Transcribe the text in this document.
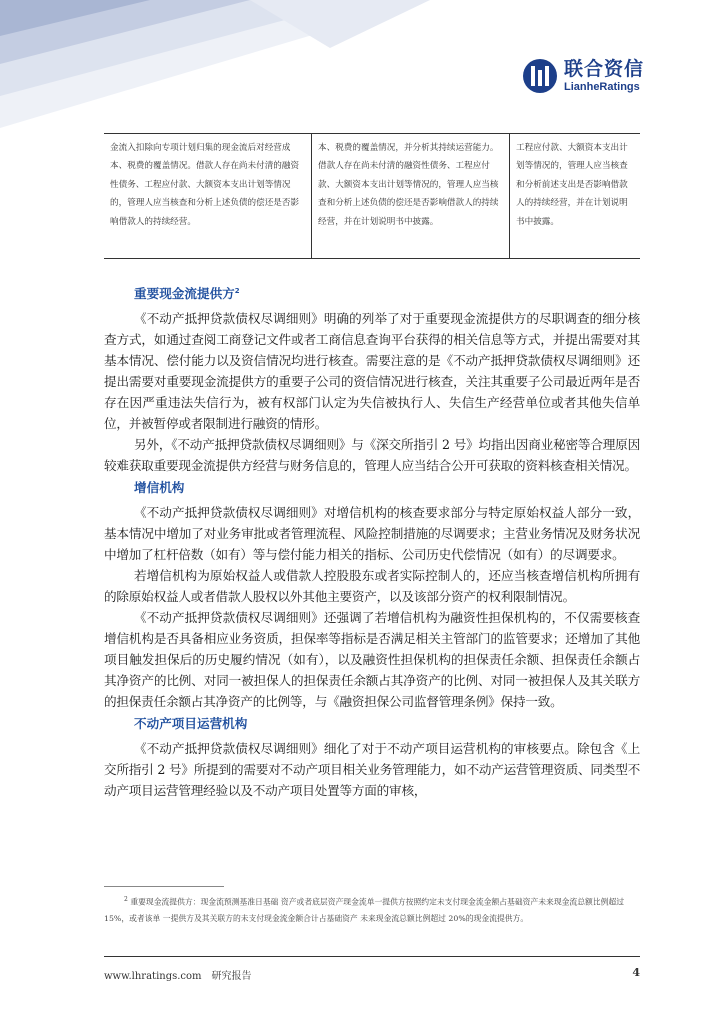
联合资信
LianheRatings

金流入扣除向专项计划归集的现金流后对经营成本、税费的覆盖情况。借款人存在尚未付清的融资性债务、工程应付款、大额资本支出计划等情况 的，管理人应当核查和分析上述负债的偿还是否影响借款人的持续经营。

本、税费的覆盖情况，并分析其持续运营能力。借款人存在尚未付清的融资性债务、工程应付款、大额资本支出计划等情况的，管理人应当核查和分析上述负债的偿还是否影响借款人的持续经营，并在计划说明书中披露。

工程应付款、大额资本支出计划等情况的，管理人应当核查和分析前述支出是否影响借款人的持续经营，并在计划说明书中披露。

重要现金流提供方$^2$

《不动产抵押贷款债权尽调细则》明确的列举了对于重要现金流提供方的尽职调查的细分核查方式，如通过查阅工商登记文件或者工商信息查询平台获得的相关信息等方式，并提出需要对其基本情况、偿付能力以及资信情况均进行核查。需要注意的是《不动产抵押贷款债权尽调细则》还提出需要对重要现金流提供方的重要子公司的资信情况进行核查，关注其重要子公司最近两年是否存在因严重违法失信行为，被有权部门认定为失信被执行人、失信生产经营单位或者其他失信单位，并被暂停或者限制进行融资的情形。

另外，《不动产抵押贷款债权尽调细则》与《深交所指引 2 号》均指出因商业秘密等合理原因较难获取重要现金流提供方经营与财务信息的，管理人应当结合公开可获取的资料核查相关情况。

增信机构

《不动产抵押贷款债权尽调细则》对增信机构的核查要求部分与特定原始权益人部分一致，基本情况中增加了对业务审批或者管理流程、风险控制措施的尽调要求；主营业务情况及财务状况中增加了杠杆倍数（如有）等与偿付能力相关的指标、公司历史代偿情况（如有）的尽调要求。

若增信机构为原始权益人或借款人控股股东或者实际控制人的，还应当核查增信机构所拥有的除原始权益人或者借款人股权以外其他主要资产，以及该部分资产的权利限制情况。

《不动产抵押贷款债权尽调细则》还强调了若增信机构为融资性担保机构的，不仅需要核查增信机构是否具备相应业务资质，担保率等指标是否满足相关主管部门的监管要求；还增加了其他项目触发担保后的历史履约情况（如有），以及融资性担保机构的担保责任余额、担保责任余额占其净资产的比例、对同一被担保人的担保责任余额占其净资产的比例、对同一被担保人及其关联方的担保责任余额占其净资产的比例等，与《融资担保公司监督管理条例》保持一致。

不动产项目运营机构

《不动产抵押贷款债权尽调细则》细化了对于不动产项目运营机构的审核要点。除包含《上交所指引 2 号》所提到的需要对不动产项目相关业务管理能力，如不动产运营管理资质、同类型不动产项目运营管理经验以及不动产项目处置等方面的审核，

$^2$ 重要现金流提供方：现金流预测基准日基础 资产或者底层资产现金流单一提供方按照约定未支付现金流金额占基础资产未来现金流总额比例超过 15%，或者该单 一提供方及其关联方的未支付现金流金额合计占基础资产 未来现金流总额比例超过 20%的现金流提供方。
www.lhratings.com 研究报告	4
